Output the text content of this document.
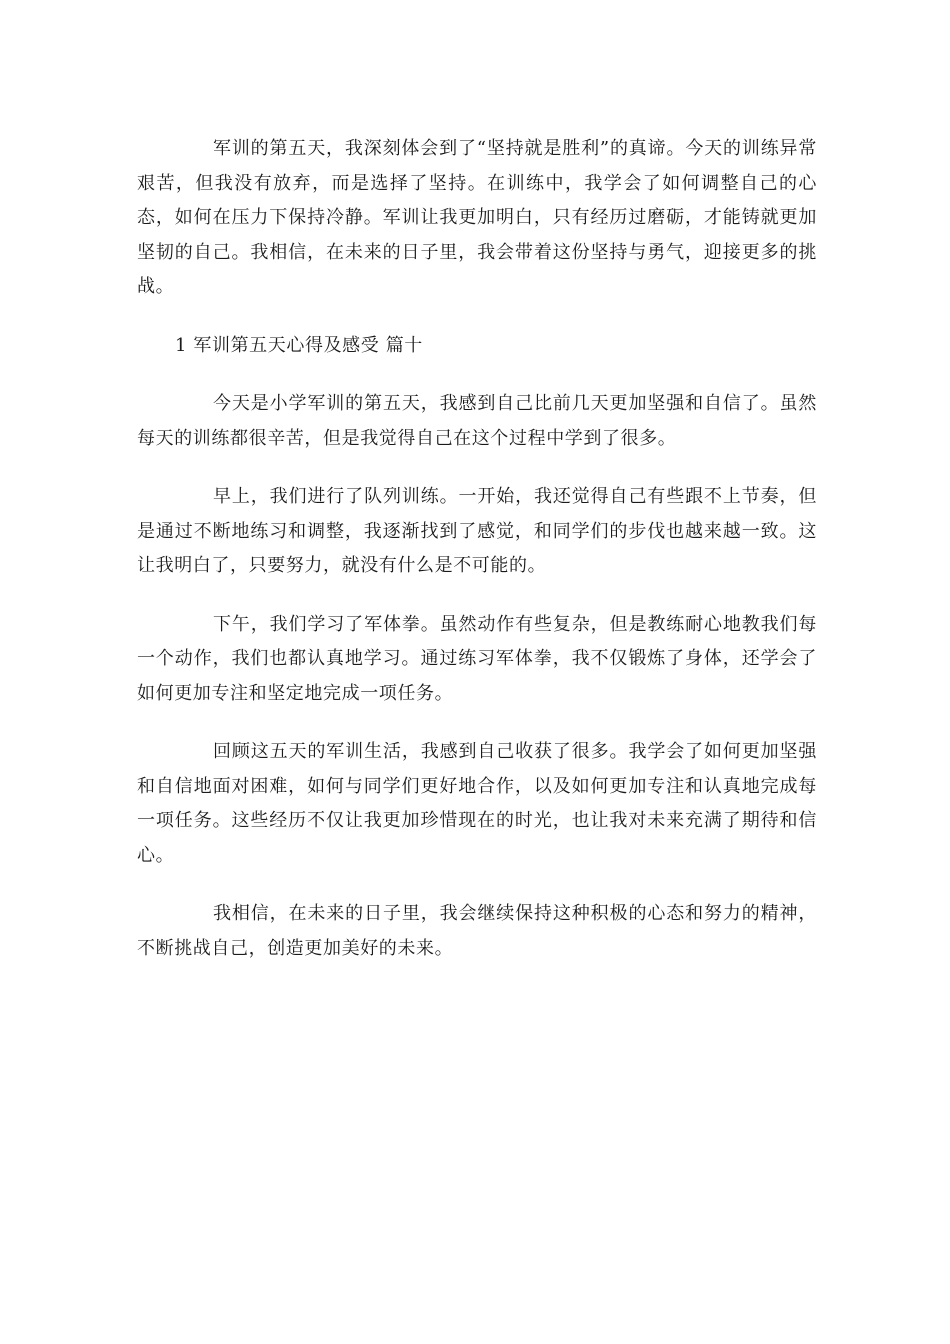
军训的第五天，我深刻体会到了“坚持就是胜利”的真谛。今天的训练异常艰苦，但我没有放弃，而是选择了坚持。在训练中，我学会了如何调整自己的心态，如何在压力下保持冷静。军训让我更加明白，只有经历过磨砺，才能铸就更加坚韧的自己。我相信，在未来的日子里，我会带着这份坚持与勇气，迎接更多的挑战。

1 军训第五天心得及感受 篇十

今天是小学军训的第五天，我感到自己比前几天更加坚强和自信了。虽然每天的训练都很辛苦，但是我觉得自己在这个过程中学到了很多。

早上，我们进行了队列训练。一开始，我还觉得自己有些跟不上节奏，但是通过不断地练习和调整，我逐渐找到了感觉，和同学们的步伐也越来越一致。这让我明白了，只要努力，就没有什么是不可能的。

下午，我们学习了军体拳。虽然动作有些复杂，但是教练耐心地教我们每一个动作，我们也都认真地学习。通过练习军体拳，我不仅锻炼了身体，还学会了如何更加专注和坚定地完成一项任务。

回顾这五天的军训生活，我感到自己收获了很多。我学会了如何更加坚强和自信地面对困难，如何与同学们更好地合作，以及如何更加专注和认真地完成每一项任务。这些经历不仅让我更加珍惜现在的时光，也让我对未来充满了期待和信心。

我相信，在未来的日子里，我会继续保持这种积极的心态和努力的精神，不断挑战自己，创造更加美好的未来。
